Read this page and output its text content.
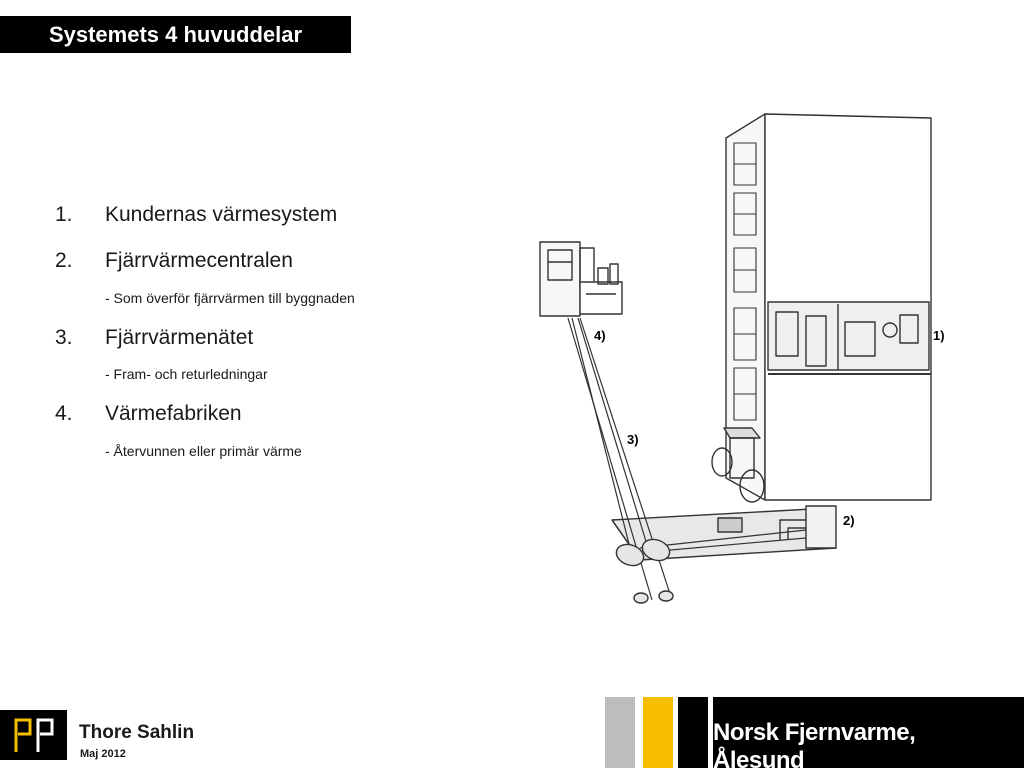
Systemets 4 huvuddelar
1. Kundernas värmesystem
2. Fjärrvärmecentralen
- Som överför fjärrvärmen till byggnaden
3. Fjärrvärmenätet
- Fram- och returledningar
4. Värmefabriken
- Återvunnen eller primär värme
1)
2)
3)
4)
Thore Sahlin
Maj 2012
Norsk Fjernvarme, Ålesund
